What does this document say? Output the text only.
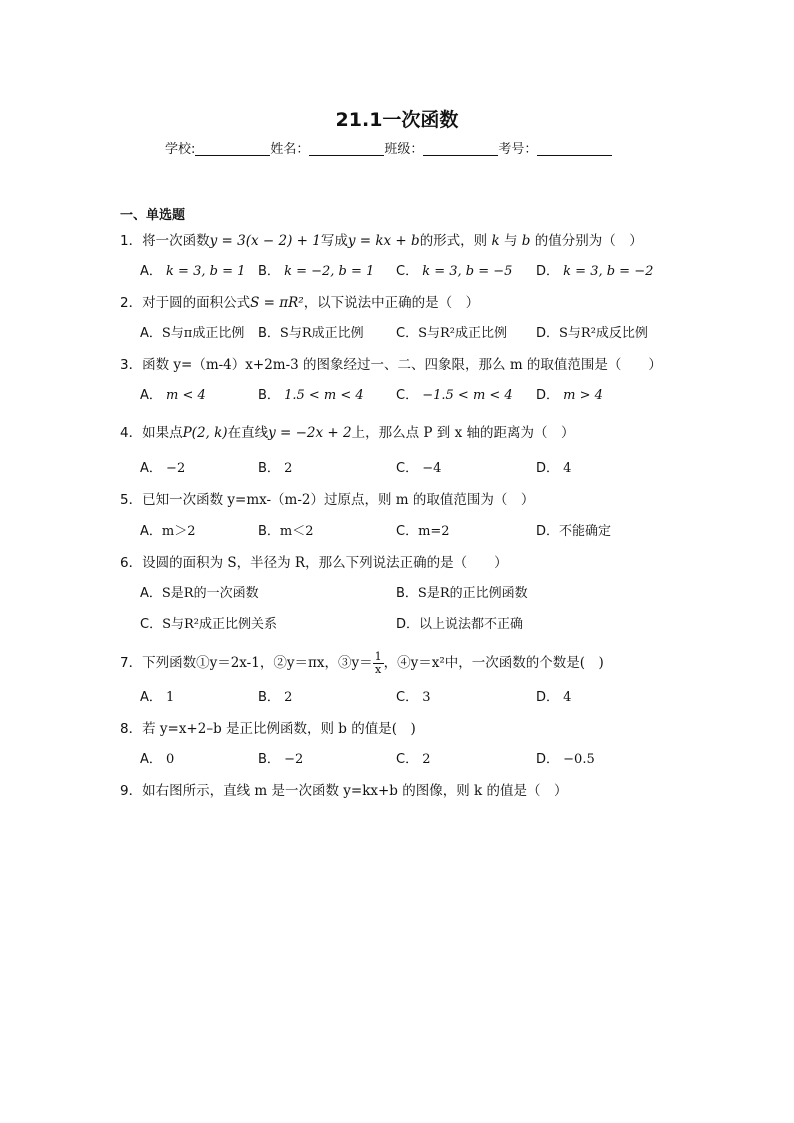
21.1一次函数
学校:	姓名：	班级：	考号：
一、单选题
1．将一次函数y = 3(x − 2) + 1写成y = kx + b的形式，则 k 与 b 的值分别为（　）
A． k = 3, b = 1 B． k = −2, b = 1 C． k = 3, b = −5 D． k = 3, b = −2
2．对于圆的面积公式S = πR²，以下说法中正确的是（　）
A．S与π成正比例 B．S与R成正比例 C．S与R²成正比例 D．S与R²成反比例
3．函数 y=（m-4）x+2m-3 的图象经过一、二、四象限，那么 m 的取值范围是（　　）
A． m < 4	B． 1.5 < m < 4 C． −1.5 < m < 4 D． m > 4
4．如果点P(2, k)在直线y = −2x + 2上，那么点 P 到 x 轴的距离为（　）
A． −2	B． 2	C． −4	D． 4
5．已知一次函数 y=mx-（m-2）过原点，则 m 的取值范围为（　）
A．m＞2	B．m＜2	C．m=2	D．不能确定
6．设圆的面积为 S，半径为 R，那么下列说法正确的是（　　）
A．S是R的一次函数	B．S是R的正比例函数
C．S与R²成正比例关系	D．以上说法都不正确
7．下列函数①y＝2x-1，②y＝πx，③y＝ $\frac{1}{x}$ ，④y＝x²中，一次函数的个数是(　)
A． 1	B． 2	C． 3	D． 4
8．若 y=x+2–b 是正比例函数，则 b 的值是(　)
A． 0	B． −2	C． 2	D． −0.5
9．如右图所示，直线 m 是一次函数 y=kx+b 的图像，则 k 的值是（　）
